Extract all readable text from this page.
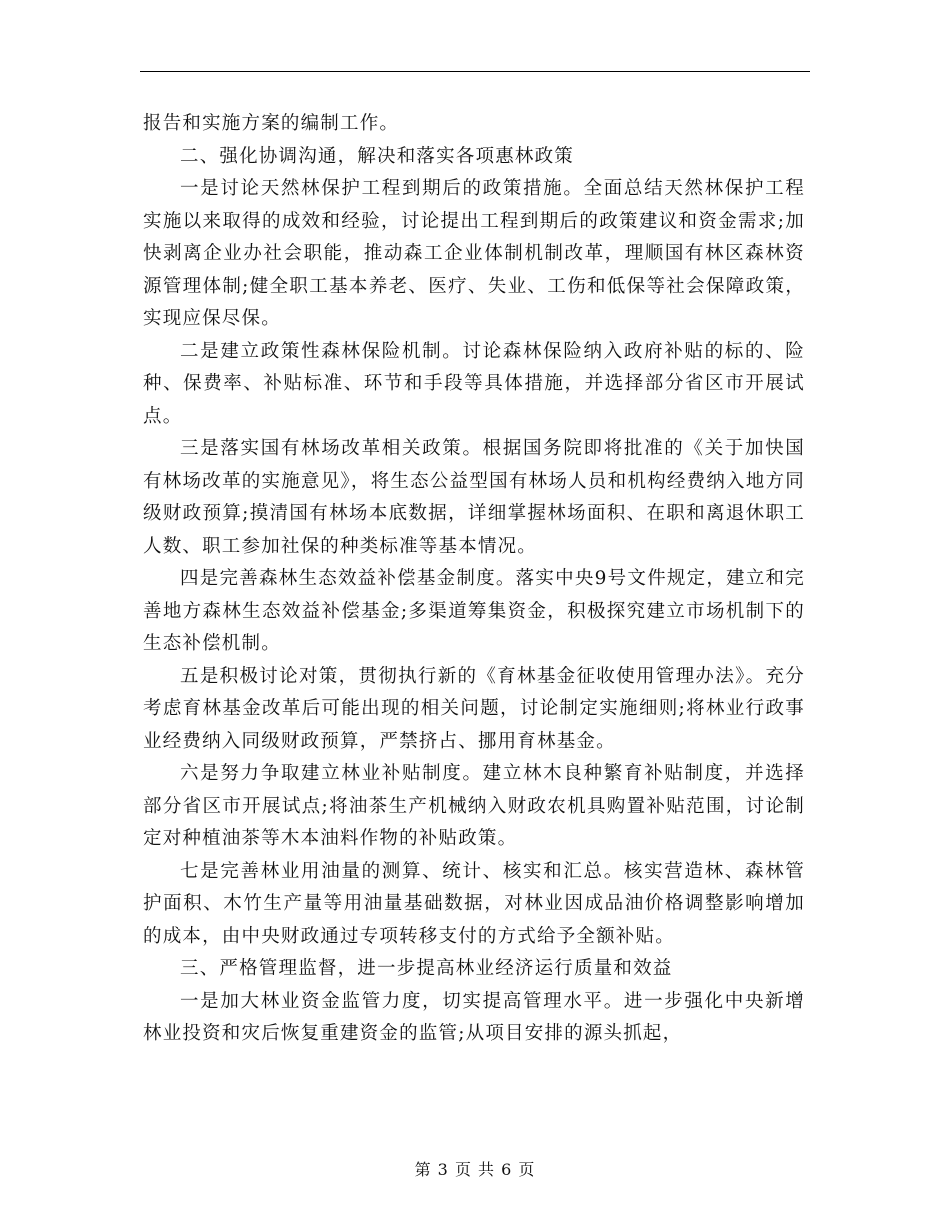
报告和实施方案的编制工作。

二、强化协调沟通，解决和落实各项惠林政策

一是讨论天然林保护工程到期后的政策措施。全面总结天然林保护工程实施以来取得的成效和经验，讨论提出工程到期后的政策建议和资金需求;加快剥离企业办社会职能，推动森工企业体制机制改革，理顺国有林区森林资源管理体制;健全职工基本养老、医疗、失业、工伤和低保等社会保障政策，实现应保尽保。

二是建立政策性森林保险机制。讨论森林保险纳入政府补贴的标的、险种、保费率、补贴标准、环节和手段等具体措施，并选择部分省区市开展试点。

三是落实国有林场改革相关政策。根据国务院即将批准的《关于加快国有林场改革的实施意见》，将生态公益型国有林场人员和机构经费纳入地方同级财政预算;摸清国有林场本底数据，详细掌握林场面积、在职和离退休职工人数、职工参加社保的种类标准等基本情况。

四是完善森林生态效益补偿基金制度。落实中央9号文件规定，建立和完善地方森林生态效益补偿基金;多渠道筹集资金，积极探究建立市场机制下的生态补偿机制。

五是积极讨论对策，贯彻执行新的《育林基金征收使用管理办法》。充分考虑育林基金改革后可能出现的相关问题，讨论制定实施细则;将林业行政事业经费纳入同级财政预算，严禁挤占、挪用育林基金。

六是努力争取建立林业补贴制度。建立林木良种繁育补贴制度，并选择部分省区市开展试点;将油茶生产机械纳入财政农机具购置补贴范围，讨论制定对种植油茶等木本油料作物的补贴政策。

七是完善林业用油量的测算、统计、核实和汇总。核实营造林、森林管护面积、木竹生产量等用油量基础数据，对林业因成品油价格调整影响增加的成本，由中央财政通过专项转移支付的方式给予全额补贴。

三、严格管理监督，进一步提高林业经济运行质量和效益

一是加大林业资金监管力度，切实提高管理水平。进一步强化中央新增林业投资和灾后恢复重建资金的监管;从项目安排的源头抓起，

第 3 页 共 6 页
